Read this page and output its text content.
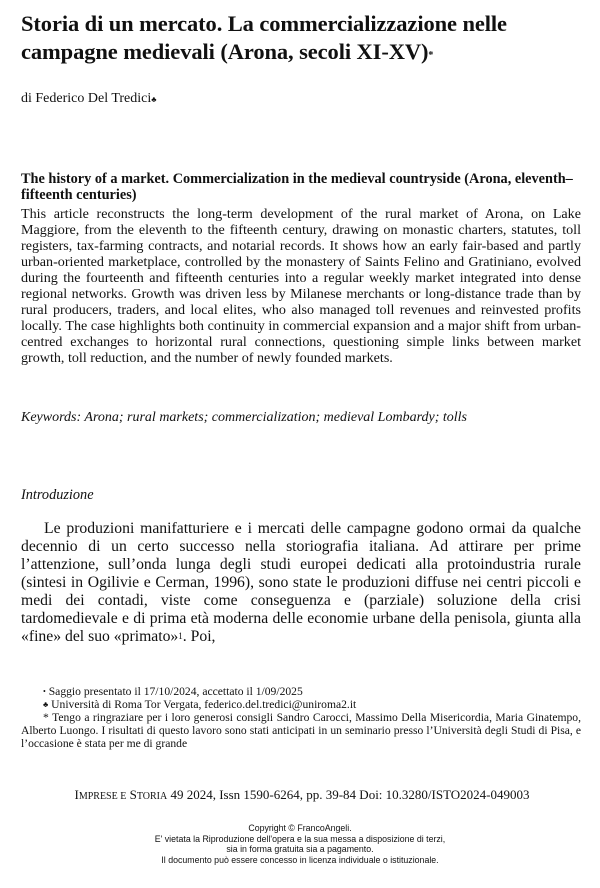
Storia di un mercato. La commercializzazione nelle campagne medievali (Arona, secoli XI-XV)*
di Federico Del Tredici♣
The history of a market. Commercialization in the medieval countryside (Arona, eleventh–fifteenth centuries)

This article reconstructs the long-term development of the rural market of Arona, on Lake Maggiore, from the eleventh to the fifteenth century, drawing on monastic charters, statutes, toll registers, tax-farming contracts, and notarial records. It shows how an early fair-based and partly urban-oriented marketplace, controlled by the monastery of Saints Felino and Gratiniano, evolved during the fourteenth and fifteenth centuries into a regular weekly market integrated into dense regional networks. Growth was driven less by Milanese merchants or long-distance trade than by rural producers, traders, and local elites, who also managed toll revenues and reinvested profits locally. The case highlights both continuity in commercial expansion and a major shift from urban-centred exchanges to horizontal rural connections, questioning simple links between market growth, toll reduction, and the number of newly founded markets.

Keywords: Arona; rural markets; commercialization; medieval Lombardy; tolls

Introduzione

Le produzioni manifatturiere e i mercati delle campagne godono ormai da qualche decennio di un certo successo nella storiografia italiana. Ad attirare per prime l’attenzione, sull’onda lunga degli studi europei dedicati alla protoindustria rurale (sintesi in Ogilivie e Cerman, 1996), sono state le produzioni diffuse nei centri piccoli e medi dei contadi, viste come conseguenza e (parziale) soluzione della crisi tardomedievale e di prima età moderna delle economie urbane della penisola, giunta alla «fine» del suo «primato»$^1$. Poi,

• Saggio presentato il 17/10/2024, accettato il 1/09/2025

♣ Università di Roma Tor Vergata, federico.del.tredici@uniroma2.it

* Tengo a ringraziare per i loro generosi consigli Sandro Carocci, Massimo Della Misericordia, Maria Ginatempo, Alberto Luongo. I risultati di questo lavoro sono stati anticipati in un seminario presso l’Università degli Studi di Pisa, e l’occasione è stata per me di grande

IMPRESE E STORIA 49 2024, Issn 1590-6264, pp. 39-84 Doi: 10.3280/ISTO2024-049003
Copyright © FrancoAngeli.
E' vietata la Riproduzione dell'opera e la sua messa a disposizione di terzi,
sia in forma gratuita sia a pagamento.
Il documento può essere concesso in licenza individuale o istituzionale.
